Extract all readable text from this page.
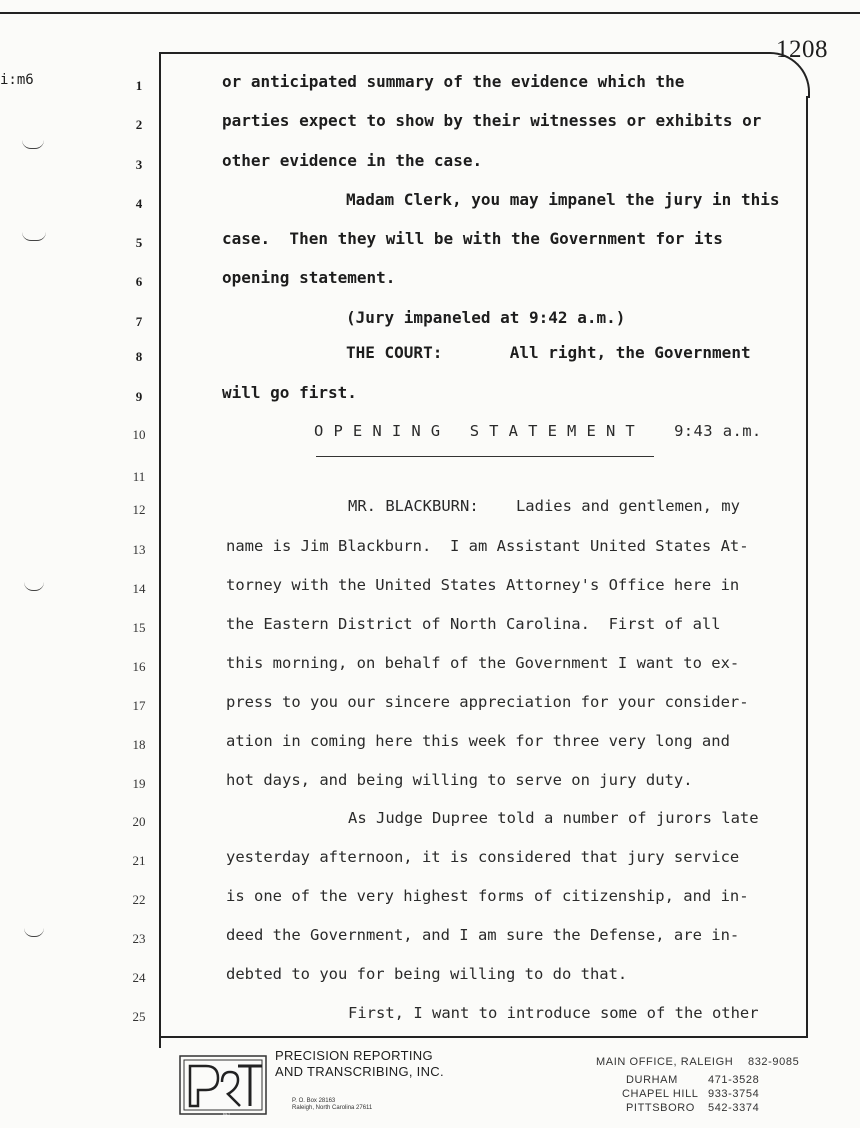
i:m6
1208
1	or anticipated summary of the evidence which the
2	parties expect to show by their witnesses or exhibits or
3	other evidence in the case.
4	Madam Clerk, you may impanel the jury in this
5	case.  Then they will be with the Government for its
6	opening statement.
7	(Jury impaneled at 9:42 a.m.)
8	THE COURT:       All right, the Government
9	will go first.
10	O P E N I N G   S T A T E M E N T    9:43 a.m.
11
12	MR. BLACKBURN:    Ladies and gentlemen, my
13	name is Jim Blackburn.  I am Assistant United States At-
14	torney with the United States Attorney's Office here in
15	the Eastern District of North Carolina.  First of all
16	this morning, on behalf of the Government I want to ex-
17	press to you our sincere appreciation for your consider-
18	ation in coming here this week for three very long and
19	hot days, and being willing to serve on jury duty.
20	As Judge Dupree told a number of jurors late
21	yesterday afternoon, it is considered that jury service
22	is one of the very highest forms of citizenship, and in-
23	deed the Government, and I am sure the Defense, are in-
24	debted to you for being willing to do that.
25	First, I want to introduce some of the other
P&T
PRECISION REPORTING
AND TRANSCRIBING, INC.
P. O. Box 28163
Raleigh, North Carolina 27611
MAIN OFFICE, RALEIGH 832-9085
DURHAM	471-3528
CHAPEL HILL 933-3754
PITTSBORO 542-3374
